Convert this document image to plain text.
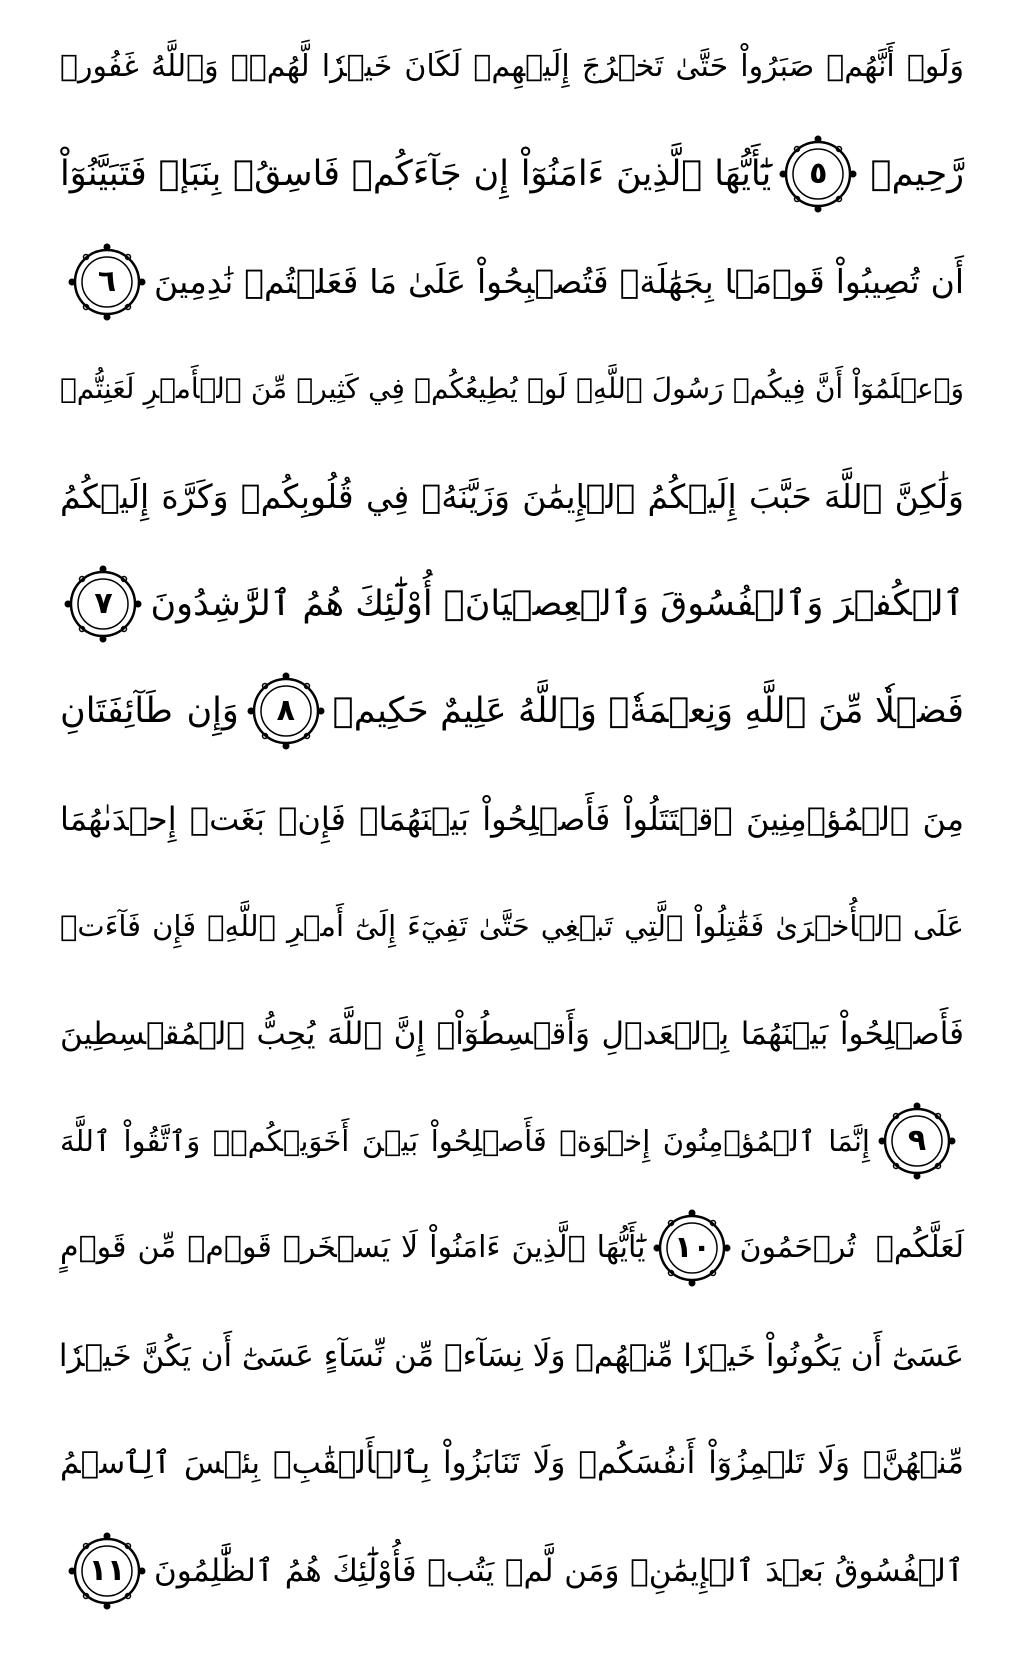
وَلَوۡ أَنَّهُمۡ صَبَرُواْ حَتَّىٰ تَخۡرُجَ إِلَيۡهِمۡ لَكَانَ خَيۡرٗا لَّهُمۡۚ وَٱللَّهُ غَفُورٞ
رَّحِيمٞ
٥
يَٰٓأَيُّهَا ٱلَّذِينَ ءَامَنُوٓاْ إِن جَآءَكُمۡ فَاسِقُۢ بِنَبَإٖ فَتَبَيَّنُوٓاْ
أَن تُصِيبُواْ قَوۡمَۢا بِجَهَٰلَةٖ فَتُصۡبِحُواْ عَلَىٰ مَا فَعَلۡتُمۡ نَٰدِمِينَ
٦
وَٱعۡلَمُوٓاْ أَنَّ فِيكُمۡ رَسُولَ ٱللَّهِۚ لَوۡ يُطِيعُكُمۡ فِي كَثِيرٖ مِّنَ ٱلۡأَمۡرِ لَعَنِتُّمۡ
وَلَٰكِنَّ ٱللَّهَ حَبَّبَ إِلَيۡكُمُ ٱلۡإِيمَٰنَ وَزَيَّنَهُۥ فِي قُلُوبِكُمۡ وَكَرَّهَ إِلَيۡكُمُ
ٱلۡكُفۡرَ وَٱلۡفُسُوقَ وَٱلۡعِصۡيَانَۚ أُوْلَٰٓئِكَ هُمُ ٱلرَّٰشِدُونَ
٧
فَضۡلٗا مِّنَ ٱللَّهِ وَنِعۡمَةٗۚ وَٱللَّهُ عَلِيمٌ حَكِيمٞ
٨
وَإِن طَآئِفَتَانِ
مِنَ ٱلۡمُؤۡمِنِينَ ٱقۡتَتَلُواْ فَأَصۡلِحُواْ بَيۡنَهُمَاۖ فَإِنۢ بَغَتۡ إِحۡدَىٰهُمَا
عَلَى ٱلۡأُخۡرَىٰ فَقَٰتِلُواْ ٱلَّتِي تَبۡغِي حَتَّىٰ تَفِيٓءَ إِلَىٰٓ أَمۡرِ ٱللَّهِۚ فَإِن فَآءَتۡ
فَأَصۡلِحُواْ بَيۡنَهُمَا بِٱلۡعَدۡلِ وَأَقۡسِطُوٓاْۖ إِنَّ ٱللَّهَ يُحِبُّ ٱلۡمُقۡسِطِينَ
٩
إِنَّمَا ٱلۡمُؤۡمِنُونَ إِخۡوَةٞ فَأَصۡلِحُواْ بَيۡنَ أَخَوَيۡكُمۡۚ وَٱتَّقُواْ ٱللَّهَ
لَعَلَّكُمۡ تُرۡحَمُونَ
١٠
يَٰٓأَيُّهَا ٱلَّذِينَ ءَامَنُواْ لَا يَسۡخَرۡ قَوۡمٞ مِّن قَوۡمٍ
عَسَىٰٓ أَن يَكُونُواْ خَيۡرٗا مِّنۡهُمۡ وَلَا نِسَآءٞ مِّن نِّسَآءٍ عَسَىٰٓ أَن يَكُنَّ خَيۡرٗا
مِّنۡهُنَّۖ وَلَا تَلۡمِزُوٓاْ أَنفُسَكُمۡ وَلَا تَنَابَزُواْ بِٱلۡأَلۡقَٰبِۖ بِئۡسَ ٱلِٱسۡمُ
ٱلۡفُسُوقُ بَعۡدَ ٱلۡإِيمَٰنِۚ وَمَن لَّمۡ يَتُبۡ فَأُوْلَٰٓئِكَ هُمُ ٱلظَّٰلِمُونَ
١١
